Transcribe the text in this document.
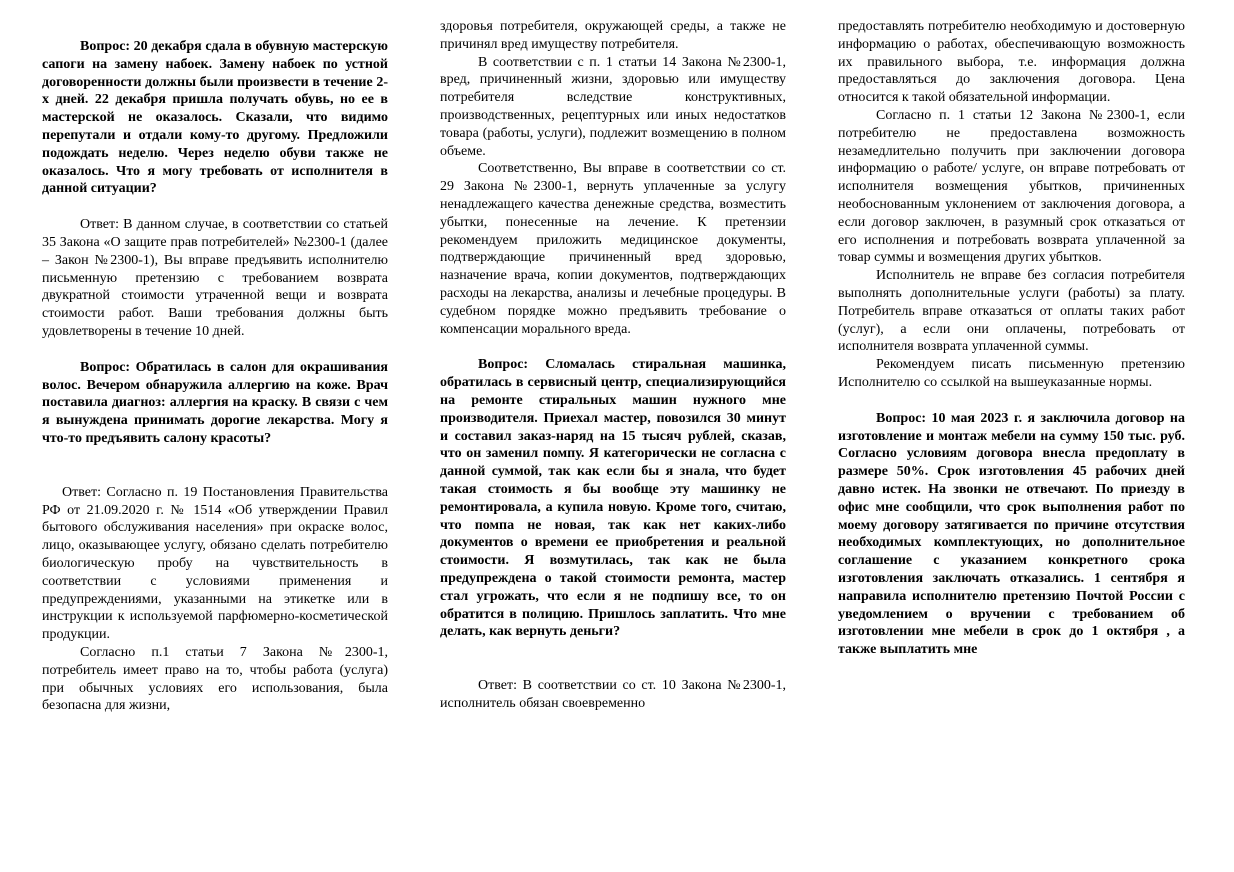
Вопрос: 20 декабря сдала в обувную мастерскую сапоги на замену набоек. Замену набоек по устной договоренности должны были произвести в течение 2-х дней. 22 декабря пришла получать обувь, но ее в мастерской не оказалось. Сказали, что видимо перепутали и отдали кому-то другому. Предложили подождать неделю. Через неделю обуви также не оказалось. Что я могу требовать от исполнителя в данной ситуации?

Ответ: В данном случае, в соответствии со статьей 35 Закона «О защите прав потребителей» №2300-1 (далее – Закон №2300-1), Вы вправе предъявить исполнителю письменную претензию с требованием возврата двукратной стоимости утраченной вещи и возврата стоимости работ. Ваши требования должны быть удовлетворены в течение 10 дней.

Вопрос: Обратилась в салон для окрашивания волос. Вечером обнаружила аллергию на коже. Врач поставила диагноз: аллергия на краску. В связи с чем я вынуждена принимать дорогие лекарства. Могу я что-то предъявить салону красоты?

Ответ: Согласно п. 19 Постановления Правительства РФ от 21.09.2020 г. № 1514 «Об утверждении Правил бытового обслуживания населения» при окраске волос, лицо, оказывающее услугу, обязано сделать потребителю биологическую пробу на чувствительность в соответствии с условиями применения и предупреждениями, указанными на этикетке или в инструкции к используемой парфюмерно-косметической продукции.

Согласно п.1 статьи 7 Закона №2300-1, потребитель имеет право на то, чтобы работа (услуга) при обычных условиях его использования, была безопасна для жизни,

здоровья потребителя, окружающей среды, а также не причинял вред имуществу потребителя.

В соответствии с п. 1 статьи 14 Закона №2300-1, вред, причиненный жизни, здоровью или имуществу потребителя вследствие конструктивных, производственных, рецептурных или иных недостатков товара (работы, услуги), подлежит возмещению в полном объеме.

Соответственно, Вы вправе в соответствии со ст. 29 Закона №2300-1, вернуть уплаченные за услугу ненадлежащего качества денежные средства, возместить убытки, понесенные на лечение. К претензии рекомендуем приложить медицинское документы, подтверждающие причиненный вред здоровью, назначение врача, копии документов, подтверждающих расходы на лекарства, анализы и лечебные процедуры. В судебном порядке можно предъявить требование о компенсации морального вреда.

Вопрос: Сломалась стиральная машинка, обратилась в сервисный центр, специализирующийся на ремонте стиральных машин нужного мне производителя. Приехал мастер, повозился 30 минут и составил заказ-наряд на 15 тысяч рублей, сказав, что он заменил помпу. Я категорически не согласна с данной суммой, так как если бы я знала, что будет такая стоимость я бы вообще эту машинку не ремонтировала, а купила новую. Кроме того, считаю, что помпа не новая, так как нет каких-либо документов о времени ее приобретения и реальной стоимости. Я возмутилась, так как не была предупреждена о такой стоимости ремонта, мастер стал угрожать, что если я не подпишу все, то он обратится в полицию. Пришлось заплатить. Что мне делать, как вернуть деньги?

Ответ: В соответствии со ст. 10 Закона №2300-1, исполнитель обязан своевременно

предоставлять потребителю необходимую и достоверную информацию о работах, обеспечивающую возможность их правильного выбора, т.е. информация должна предоставляться до заключения договора. Цена относится к такой обязательной информации.

Согласно п. 1 статьи 12 Закона №2300-1, если потребителю не предоставлена возможность незамедлительно получить при заключении договора информацию о работе/ услуге, он вправе потребовать от исполнителя возмещения убытков, причиненных необоснованным уклонением от заключения договора, а если договор заключен, в разумный срок отказаться от его исполнения и потребовать возврата уплаченной за товар суммы и возмещения других убытков.

Исполнитель не вправе без согласия потребителя выполнять дополнительные услуги (работы) за плату. Потребитель вправе отказаться от оплаты таких работ (услуг), а если они оплачены, потребовать от исполнителя возврата уплаченной суммы.

Рекомендуем писать письменную претензию Исполнителю со ссылкой на вышеуказанные нормы.

Вопрос: 10 мая 2023 г. я заключила договор на изготовление и монтаж мебели на сумму 150 тыс. руб. Согласно условиям договора внесла предоплату в размере 50%. Срок изготовления 45 рабочих дней давно истек. На звонки не отвечают. По приезду в офис мне сообщили, что срок выполнения работ по моему договору затягивается по причине отсутствия необходимых комплектующих, но дополнительное соглашение с указанием конкретного срока изготовления заключать отказались. 1 сентября я направила исполнителю претензию Почтой России с уведомлением о вручении с требованием об изготовлении мне мебели в срок до 1 октября , а также выплатить мне
